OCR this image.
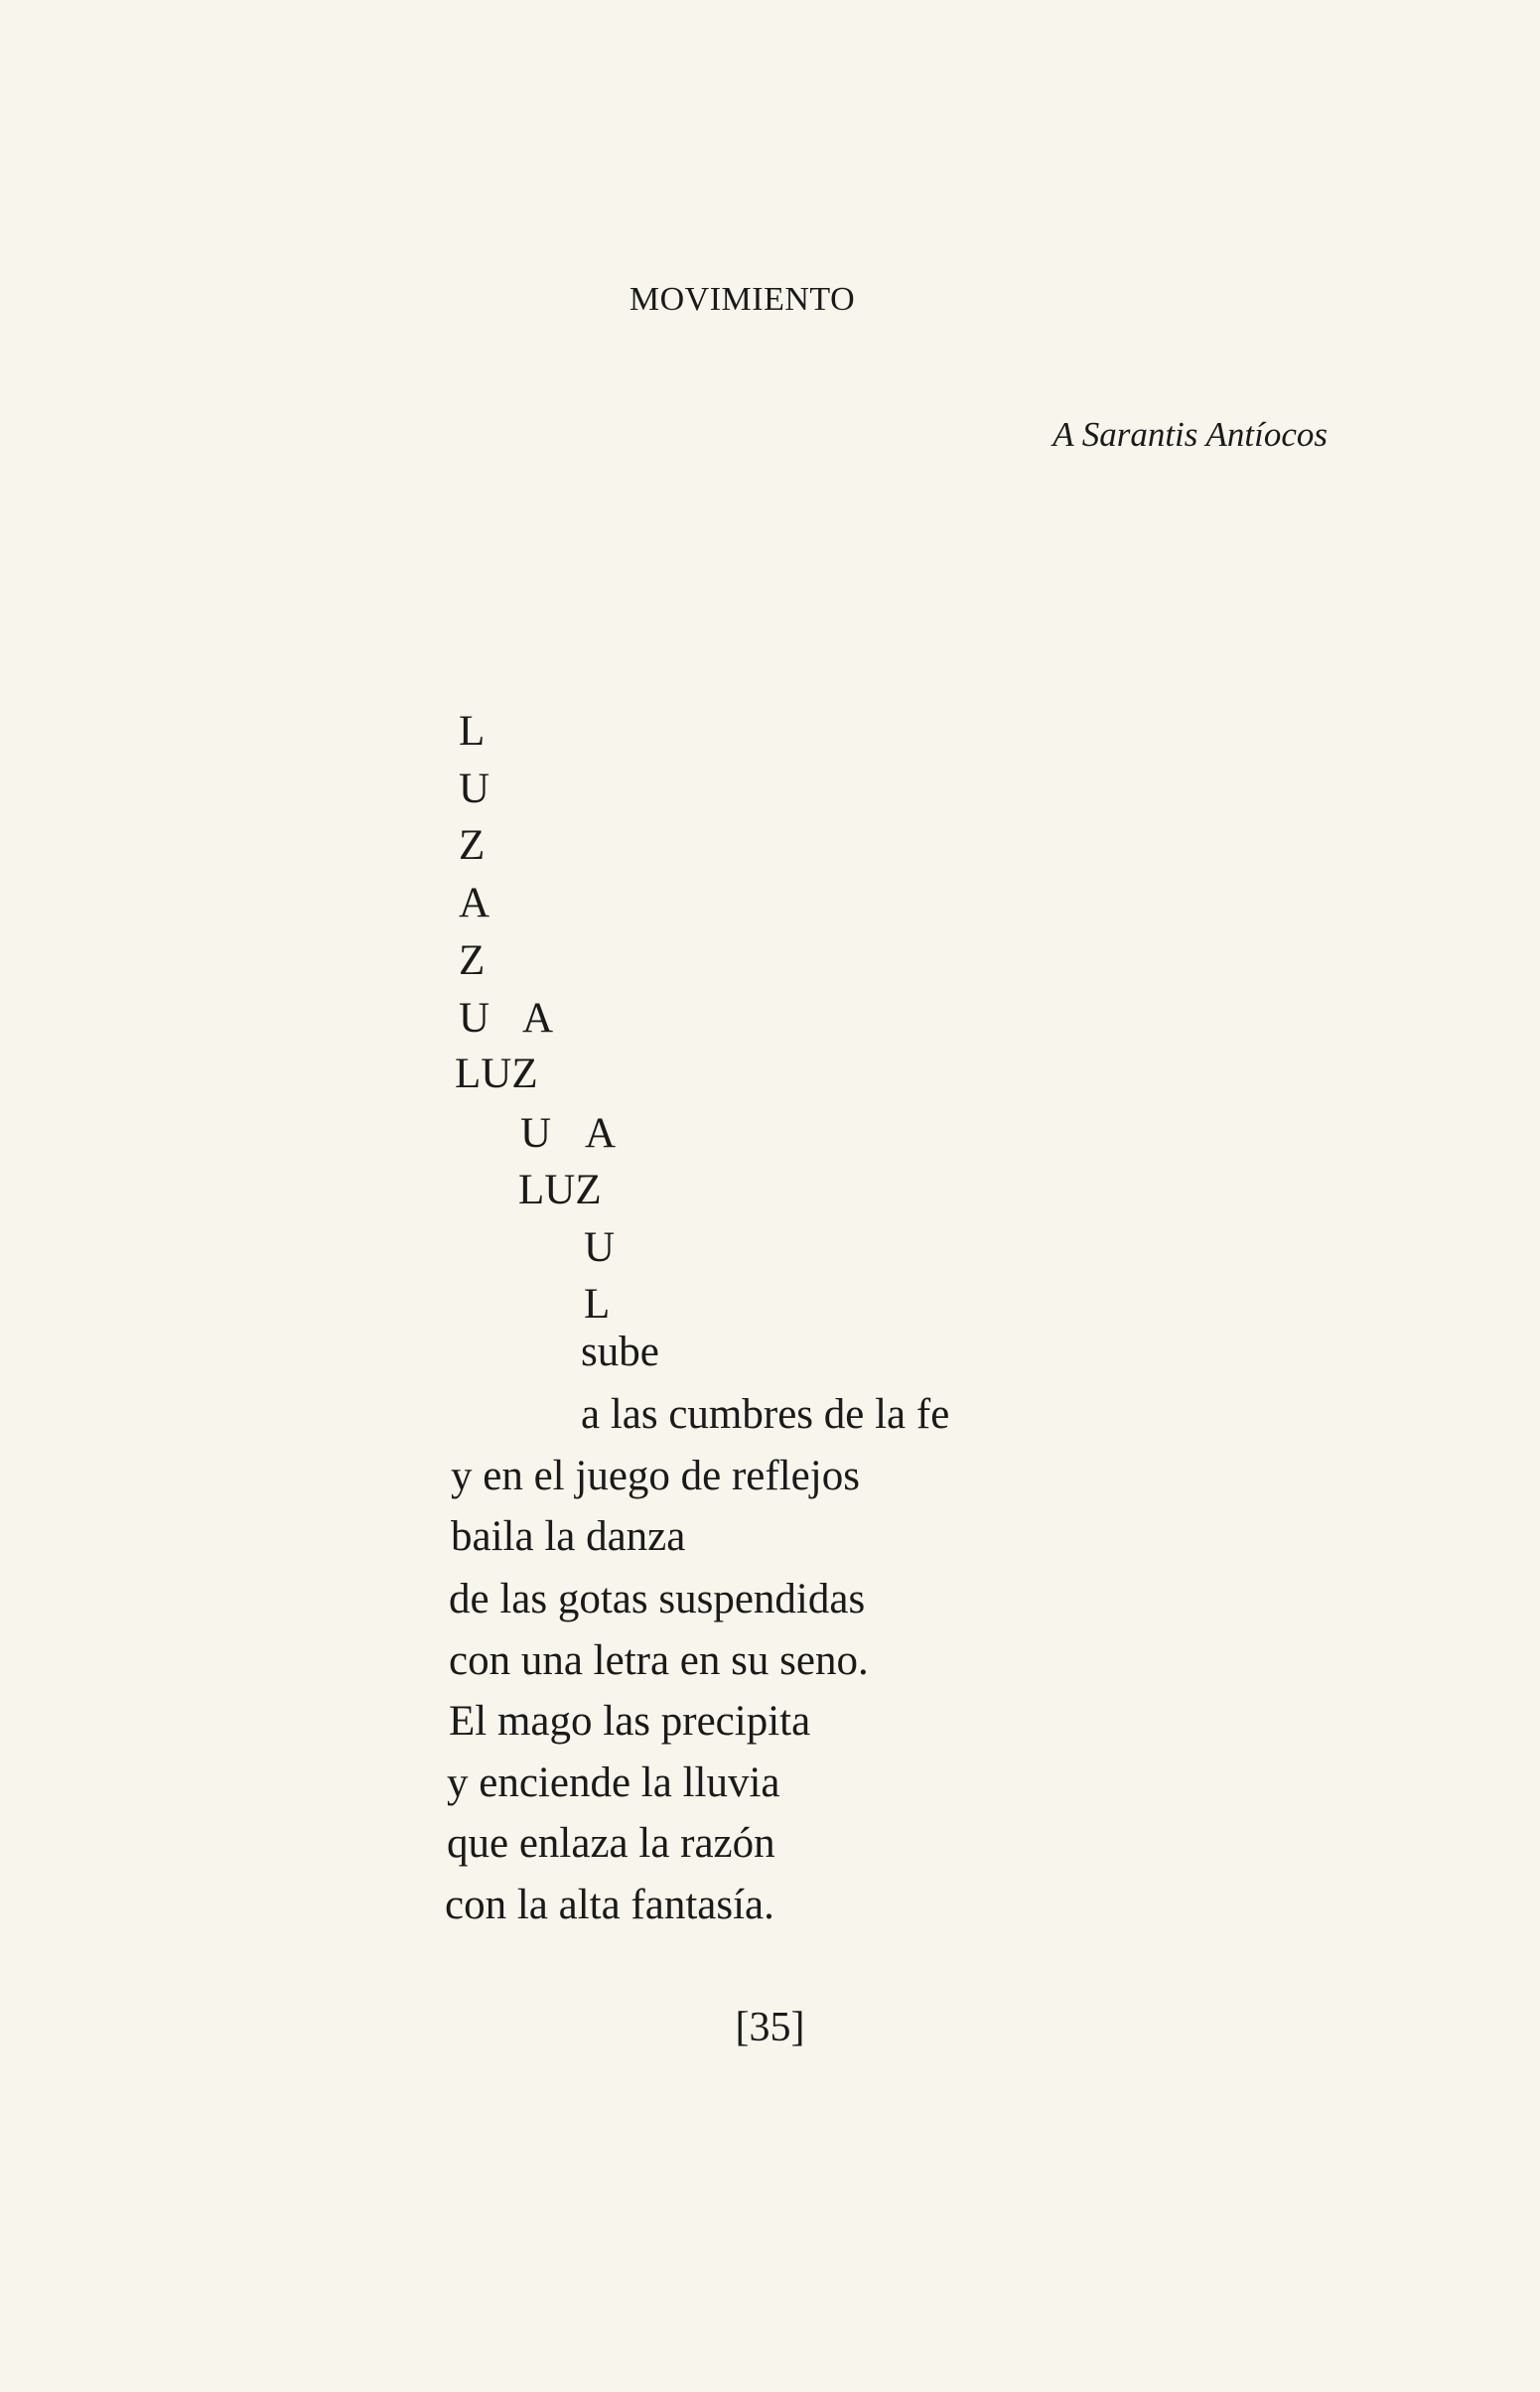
MOVIMIENTO
A Sarantis Antíocos
L
U
Z
A
Z
U A
LUZ
U A
LUZ
U
L
sube
a las cumbres de la fe
y en el juego de reflejos
baila la danza
de las gotas suspendidas
con una letra en su seno.
El mago las precipita
y enciende la lluvia
que enlaza la razón
con la alta fantasía.
[35]
